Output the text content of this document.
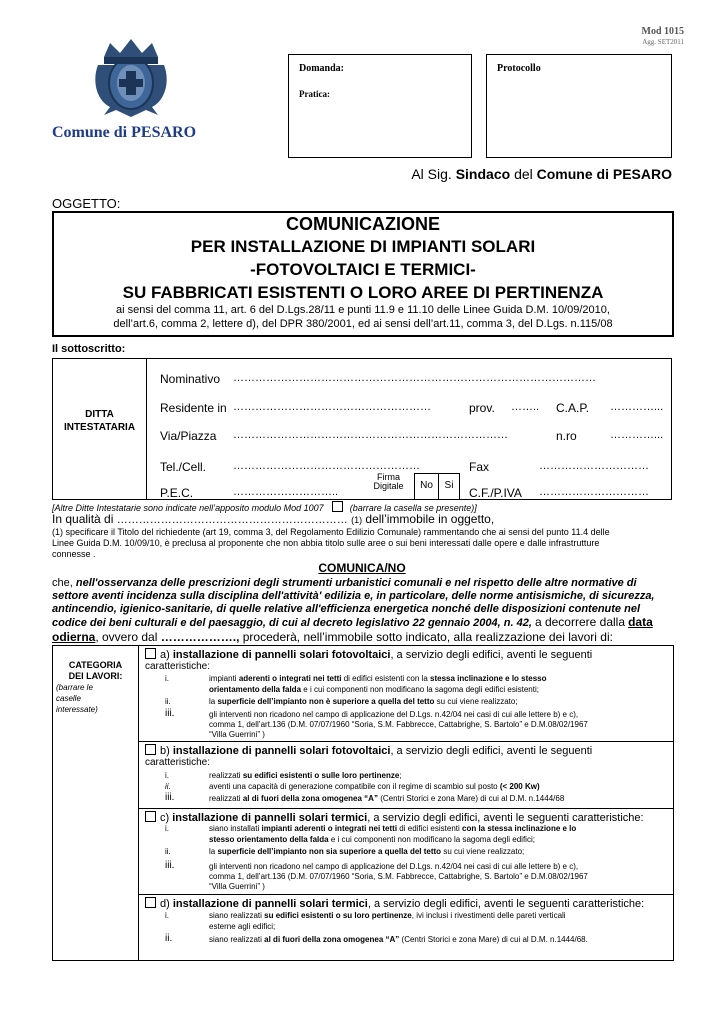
Mod 1015
Agg. SET2011
Comune di PESARO
Domanda:
Pratica:
Protocollo
Al Sig. Sindaco del Comune di PESARO
OGGETTO:
COMUNICAZIONE
PER INSTALLAZIONE DI IMPIANTI SOLARI
-FOTOVOLTAICI E TERMICI-
SU FABBRICATI ESISTENTI O LORO AREE DI PERTINENZA
ai sensi del comma 11, art. 6 del D.Lgs.28/11 e punti 11.9 e 11.10 delle Linee Guida D.M. 10/09/2010,
dell’art.6, comma 2, lettere d), del DPR 380/2001, ed ai sensi dell’art.11, comma 3, del D.Lgs. n.115/08
Il sottoscritto:
DITTA
INTESTATARIA
Nominativo ………………………………………………………………………………………
Residente in ………………………………………………	prov. …….. C.A.P. …………...
Via/Piazza …………………………………………………………………	n.ro	…………...
Tel./Cell. ……………………………………………	Fax	…………………………
P.E.C.	………………………..
Firma
Digitale	No	Si
C.F./P.IVA …………………………
[Altre Ditte Intestatarie sono indicate nell’apposito modulo Mod 1007	(barrare la casella se presente)]
In qualità di ……………………………………………………… (1) dell’immobile in oggetto,
(1) specificare il Titolo del richiedente (art 19, comma 3, del Regolamento Edilizio Comunale) rammentando che ai sensi del punto 11.4 delle
Linee Guida D.M. 10/09/10, è preclusa al proponente che non abbia titolo sulle aree o sui beni interessati dalle opere e dalle infrastrutture
connesse .
COMUNICA/NO
che, nell'osservanza delle prescrizioni degli strumenti urbanistici comunali e nel rispetto delle altre normative di
settore aventi incidenza sulla disciplina dell'attività' edilizia e, in particolare, delle norme antisismiche, di sicurezza,
antincendio, igienico-sanitarie, di quelle relative all'efficienza energetica nonché delle disposizioni contenute nel
codice dei beni culturali e del paesaggio, di cui al decreto legislativo 22 gennaio 2004, n. 42, a decorrere dalla data
odierna, ovvero dal ………………., procederà, nell’immobile sotto indicato, alla realizzazione dei lavori di:
CATEGORIA
DEI LAVORI:
(barrare le
caselle
interessate)
a) installazione di pannelli solari fotovoltaici, a servizio degli edifici, aventi le seguenti
caratteristiche:
i.	impianti aderenti o integrati nei tetti di edifici esistenti con la stessa inclinazione e lo stesso
orientamento della falda e i cui componenti non modificano la sagoma degli edifici esistenti;
ii.	la superficie dell’impianto non è superiore a quella del tetto su cui viene realizzato;
iii.	gli interventi non ricadono nel campo di applicazione del D.Lgs. n.42/04 nei casi di cui alle lettere b) e c),
comma 1, dell’art.136 (D.M. 07/07/1960 “Soria, S.M. Fabbrecce, Cattabrighe, S. Bartolo” e D.M.08/02/1967
“Villa Guerrini” )
b) installazione di pannelli solari fotovoltaici, a servizio degli edifici, aventi le seguenti
caratteristiche:
i.	realizzati su edifici esistenti o sulle loro pertinenze;
ii.	aventi una capacità di generazione compatibile con il regime di scambio sul posto (< 200 Kw)
iii.	realizzati al di fuori della zona omogenea “A” (Centri Storici e zona Mare) di cui al D.M. n.1444/68
c) installazione di pannelli solari termici, a servizio degli edifici, aventi le seguenti caratteristiche:
i.	siano installati impianti aderenti o integrati nei tetti di edifici esistenti con la stessa inclinazione e lo
stesso orientamento della falda e i cui componenti non modificano la sagoma degli edifici;
ii.	la superficie dell’impianto non sia superiore a quella del tetto su cui viene realizzato;
iii.	gli interventi non ricadono nel campo di applicazione del D.Lgs. n.42/04 nei casi di cui alle lettere b) e c),
comma 1, dell’art.136 (D.M. 07/07/1960 “Soria, S.M. Fabbrecce, Cattabrighe, S. Bartolo” e D.M.08/02/1967
“Villa Guerrini” )
d) installazione di pannelli solari termici, a servizio degli edifici, aventi le seguenti caratteristiche:
i.	siano realizzati su edifici esistenti o su loro pertinenze, ivi inclusi i rivestimenti delle pareti verticali
esterne agli edifici;
ii.	siano realizzati al di fuori della zona omogenea “A” (Centri Storici e zona Mare) di cui al D.M. n.1444/68.
